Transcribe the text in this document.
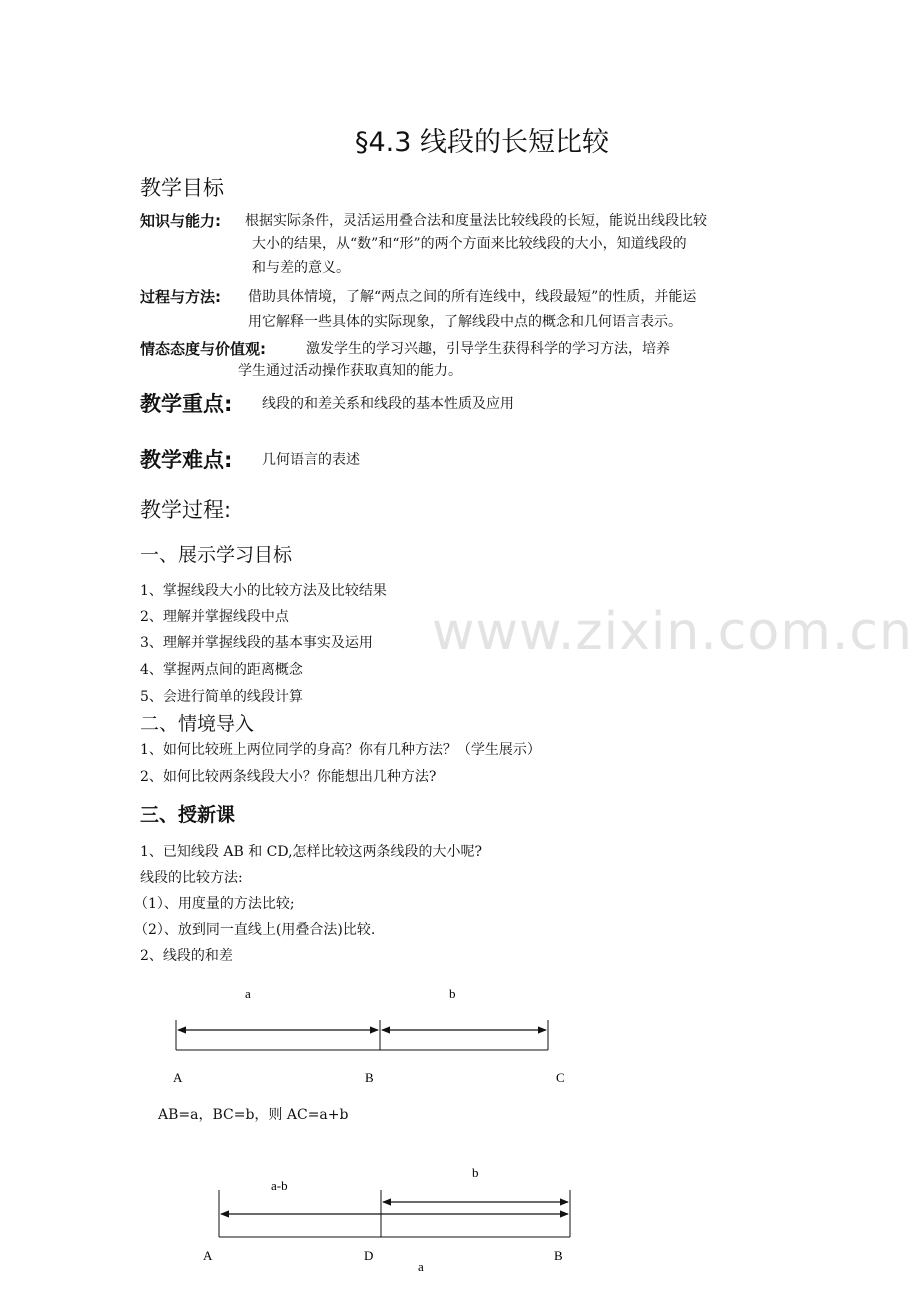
§4.3 线段的长短比较
教学目标
知识与能力: 根据实际条件，灵活运用叠合法和度量法比较线段的长短，能说出线段比较
大小的结果，从“数”和“形”的两个方面来比较线段的大小，知道线段的
和与差的意义。
过程与方法: 借助具体情境，了解“两点之间的所有连线中，线段最短”的性质，并能运
用它解释一些具体的实际现象，了解线段中点的概念和几何语言表示。
情态态度与价值观:	激发学生的学习兴趣，引导学生获得科学的学习方法，培养
学生通过活动操作获取真知的能力。
教学重点: 线段的和差关系和线段的基本性质及应用
教学难点: 几何语言的表述
教学过程:
一、展示学习目标
1、掌握线段大小的比较方法及比较结果
2、理解并掌握线段中点
3、理解并掌握线段的基本事实及运用
4、掌握两点间的距离概念
5、会进行简单的线段计算
www.zixin.com.cn
二、情境导入
1、如何比较班上两位同学的身高？你有几种方法？（学生展示）
2、如何比较两条线段大小？你能想出几种方法?
三、授新课
1、已知线段 AB 和 CD,怎样比较这两条线段的大小呢?
线段的比较方法:
（1）、用度量的方法比较;
（2）、放到同一直线上(用叠合法)比较.
2、线段的和差
a	b
A	B	C
a-b
b
a
A	D	B
AB=a，BC=b，则 AC=a+b
